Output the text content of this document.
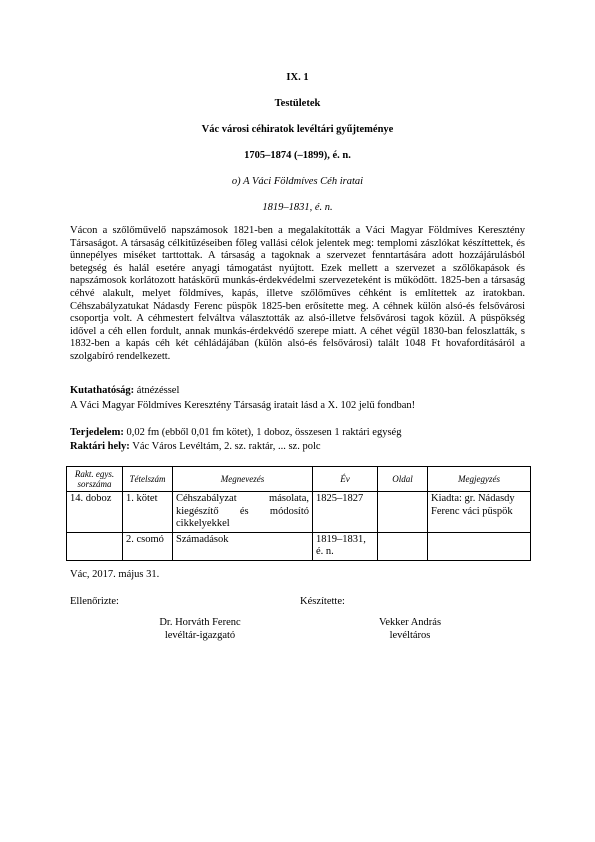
IX. 1
Testületek
Vác városi céhiratok levéltári gyűjteménye
1705–1874 (–1899), é. n.
o) A Váci Földmíves Céh iratai
1819–1831, é. n.

Vácon a szőlőművelő napszámosok 1821-ben a megalakították a Váci Magyar Földmíves Keresztény Társaságot. A társaság célkitűzéseiben főleg vallási célok jelentek meg: templomi zászlókat készíttettek, és ünnepélyes miséket tarttottak. A társaság a tagoknak a szervezet fenntartására adott hozzájárulásból betegség és halál esetére anyagi támogatást nyújtott. Ezek mellett a szervezet a szőlőkapások és napszámosok korlátozott hatáskörű munkás-érdekvédelmi szervezeteként is működött. 1825-ben a társaság céhvé alakult, melyet földmíves, kapás, illetve szőlőműves céhként is említettek az iratokban. Céhszabályzatukat Nádasdy Ferenc püspök 1825-ben erősítette meg. A céhnek külön alsó-és felsővárosi csoportja volt. A céhmestert felváltva választották az alsó-illetve felsővárosi tagok közül. A püspökség idővel a céh ellen fordult, annak munkás-érdekvédő szerepe miatt. A céhet végül 1830-ban feloszlatták, s 1832-ben a kapás céh két céhládájában (külön alsó-és felsővárosi) talált 1048 Ft hovafordításáról a szolgabíró rendelkezett.

Kutathatóság: átnézéssel
A Váci Magyar Földmíves Keresztény Társaság iratait lásd a X. 102 jelű fondban!
Terjedelem: 0,02 fm (ebből 0,01 fm kötet), 1 doboz, összesen 1 raktári egység
Raktári hely: Vác Város Levéltám, 2. sz. raktár, ... sz. polc
Rakt. egys. sorszáma	Tételszám	Megnevezés	Év	Oldal	Megjegyzés
14. doboz	1. kötet	Céhszabályzat másolata, kiegészítő és módosító cikkelyekkel	1825–1827		Kiadta: gr. Nádasdy Ferenc váci püspök
	2. csomó	Számadások	1819–1831, é. n.		
Vác, 2017. május 31.
Ellenőrizte:	Készítette:
Dr. Horváth Ferenc
levéltár-igazgató
Vekker András
levéltáros
